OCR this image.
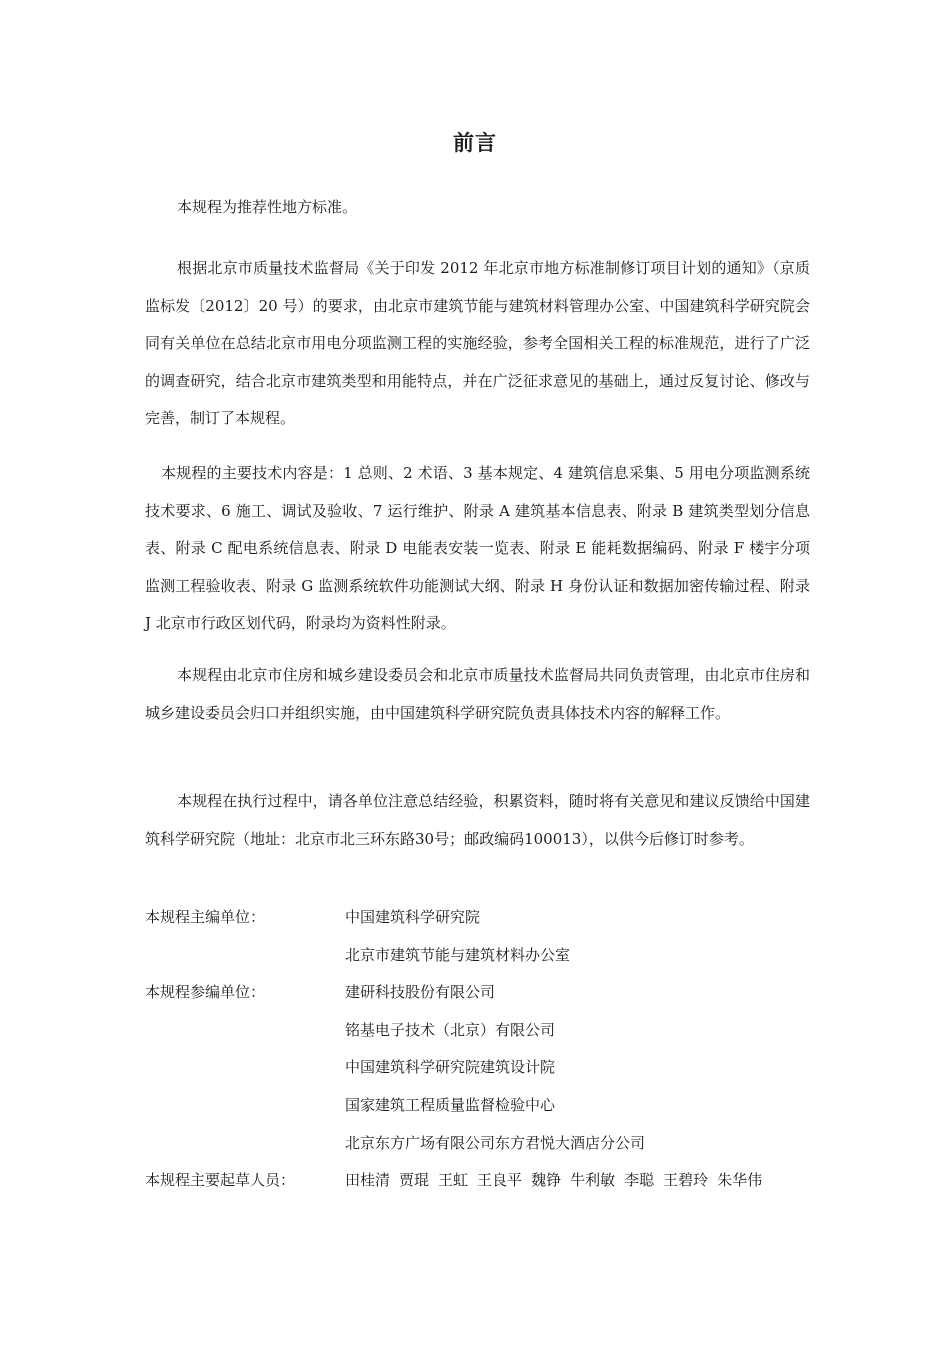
前言

本规程为推荐性地方标准。

根据北京市质量技术监督局《关于印发 2012 年北京市地方标准制修订项目计划的通知》（京质监标发〔2012〕20 号）的要求，由北京市建筑节能与建筑材料管理办公室、中国建筑科学研究院会同有关单位在总结北京市用电分项监测工程的实施经验，参考全国相关工程的标准规范，进行了广泛的调查研究，结合北京市建筑类型和用能特点，并在广泛征求意见的基础上，通过反复讨论、修改与完善，制订了本规程。

本规程的主要技术内容是：1 总则、2 术语、3 基本规定、4 建筑信息采集、5 用电分项监测系统技术要求、6 施工、调试及验收、7 运行维护、附录 A 建筑基本信息表、附录 B 建筑类型划分信息表、附录 C 配电系统信息表、附录 D 电能表安装一览表、附录 E 能耗数据编码、附录 F 楼宇分项监测工程验收表、附录 G 监测系统软件功能测试大纲、附录 H 身份认证和数据加密传输过程、附录 J 北京市行政区划代码，附录均为资料性附录。

本规程由北京市住房和城乡建设委员会和北京市质量技术监督局共同负责管理，由北京市住房和城乡建设委员会归口并组织实施，由中国建筑科学研究院负责具体技术内容的解释工作。

本规程在执行过程中，请各单位注意总结经验，积累资料，随时将有关意见和建议反馈给中国建筑科学研究院（地址：北京市北三环东路30号；邮政编码100013），以供今后修订时参考。

本规程主编单位：	中国建筑科学研究院
北京市建筑节能与建筑材料办公室
本规程参编单位：	建研科技股份有限公司
铭基电子技术（北京）有限公司
中国建筑科学研究院建筑设计院
国家建筑工程质量监督检验中心
北京东方广场有限公司东方君悦大酒店分公司
本规程主要起草人员：	田桂清 贾琨 王虹 王良平 魏铮 牛利敏 李聪 王碧玲 朱华伟
